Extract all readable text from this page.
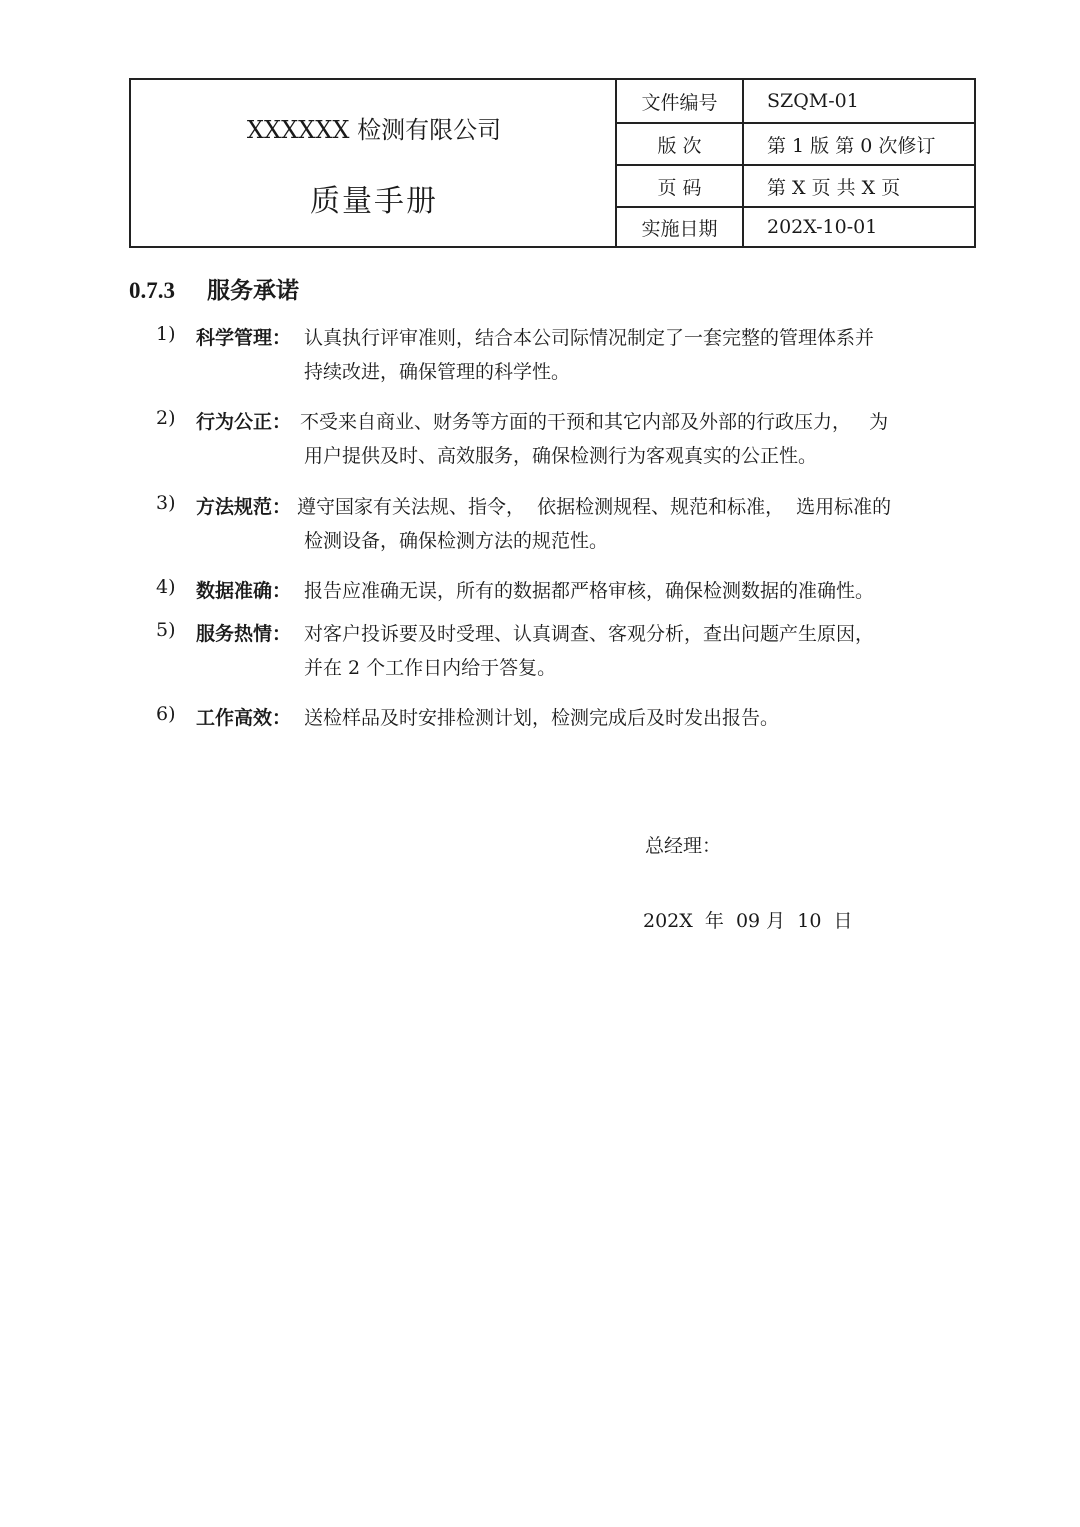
XXXXXX 检测有限公司
质量手册
文件编号	SZQM-01
版 次	第 1 版 第 0 次修订
页 码	第 X 页 共 X 页
实施日期	202X-10-01
0.7.3 服务承诺
1) 科学管理： 认真执行评审准则，结合本公司际情况制定了一套完整的管理体系并
持续改进，确保管理的科学性。
2) 行为公正： 不受来自商业、财务等方面的干预和其它内部及外部的行政压力，   为
用户提供及时、高效服务，确保检测行为客观真实的公正性。
3) 方法规范： 遵守国家有关法规、指令，  依据检测规程、规范和标准，  选用标准的
检测设备，确保检测方法的规范性。
4) 数据准确： 报告应准确无误，所有的数据都严格审核，确保检测数据的准确性。
5) 服务热情： 对客户投诉要及时受理、认真调查、客观分析，查出问题产生原因，
并在 2 个工作日内给于答复。
6) 工作高效： 送检样品及时安排检测计划，检测完成后及时发出报告。
总经理：
202X  年  09 月  10  日
